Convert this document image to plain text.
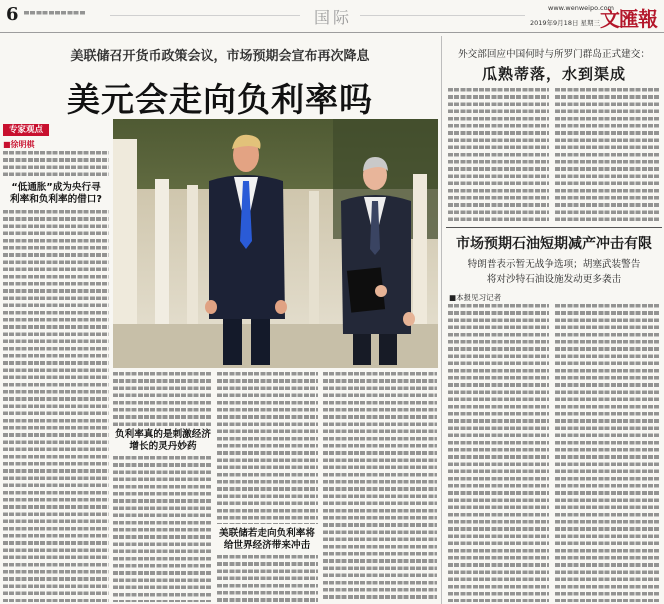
6	国际	www.wenweipo.com
2019年9月18日 星期三 文匯報
美联储召开货币政策会议，市场预期会宣布再次降息
美元会走向负利率吗
专家观点
■徐明棋
“低通胀”成为央行寻
利率和负利率的借口?
负利率真的是刺激经济
增长的灵丹妙药
美联储若走向负利率将
给世界经济带来冲击
外交部回应中国何时与所罗门群岛正式建交：
瓜熟蒂落，水到渠成
市场预期石油短期减产冲击有限
特朗普表示暂无战争选项；胡塞武装警告
将对沙特石油设施发动更多袭击
■本报见习记者
